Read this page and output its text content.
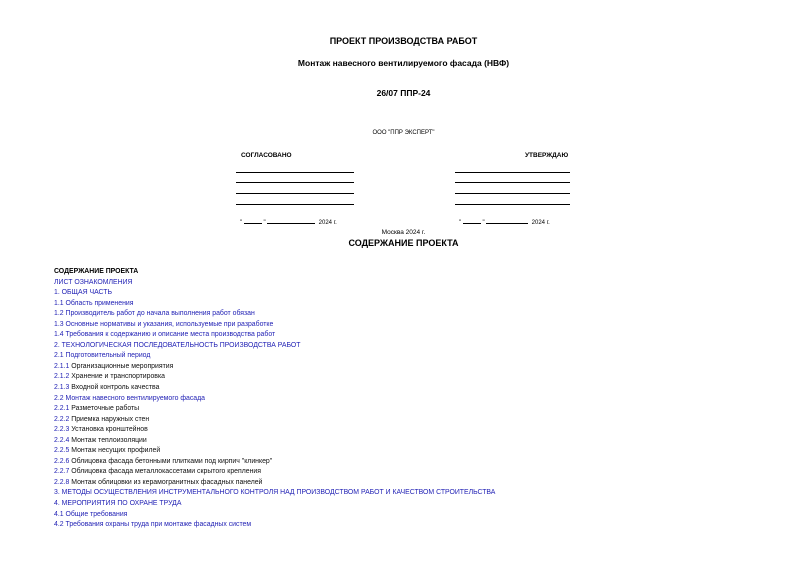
ПРОЕКТ ПРОИЗВОДСТВА РАБОТ
Монтаж навесного вентилируемого фасада (НВФ)
26/07 ППР-24
ООО "ППР ЭКСПЕРТ"
СОГЛАСОВАНО	УТВЕРЖДАЮ
"	"	2024 г.	"	"	2024 г.
Москва 2024 г.
СОДЕРЖАНИЕ ПРОЕКТА
СОДЕРЖАНИЕ ПРОЕКТА
ЛИСТ ОЗНАКОМЛЕНИЯ
1. ОБЩАЯ ЧАСТЬ
1.1 Область применения
1.2 Производитель работ до начала выполнения работ обязан
1.3 Основные нормативы и указания, используемые при разработке
1.4 Требования к содержанию и описание места производства работ
2. ТЕХНОЛОГИЧЕСКАЯ ПОСЛЕДОВАТЕЛЬНОСТЬ ПРОИЗВОДСТВА РАБОТ
2.1 Подготовительный период
2.1.1 Организационные мероприятия
2.1.2 Хранение и транспортировка
2.1.3 Входной контроль качества
2.2 Монтаж навесного вентилируемого фасада
2.2.1 Разметочные работы
2.2.2 Приемка наружных стен
2.2.3 Установка кронштейнов
2.2.4 Монтаж теплоизоляции
2.2.5 Монтаж несущих профилей
2.2.6 Облицовка фасада бетонными плитками под кирпич "клинкер"
2.2.7 Облицовка фасада металлокассетами скрытого крепления
2.2.8 Монтаж облицовки из керамогранитных фасадных панелей
3. МЕТОДЫ ОСУЩЕСТВЛЕНИЯ ИНСТРУМЕНТАЛЬНОГО КОНТРОЛЯ НАД ПРОИЗВОДСТВОМ РАБОТ И КАЧЕСТВОМ СТРОИТЕЛЬСТВА
4. МЕРОПРИЯТИЯ ПО ОХРАНЕ ТРУДА
4.1 Общие требования
4.2 Требования охраны труда при монтаже фасадных систем
